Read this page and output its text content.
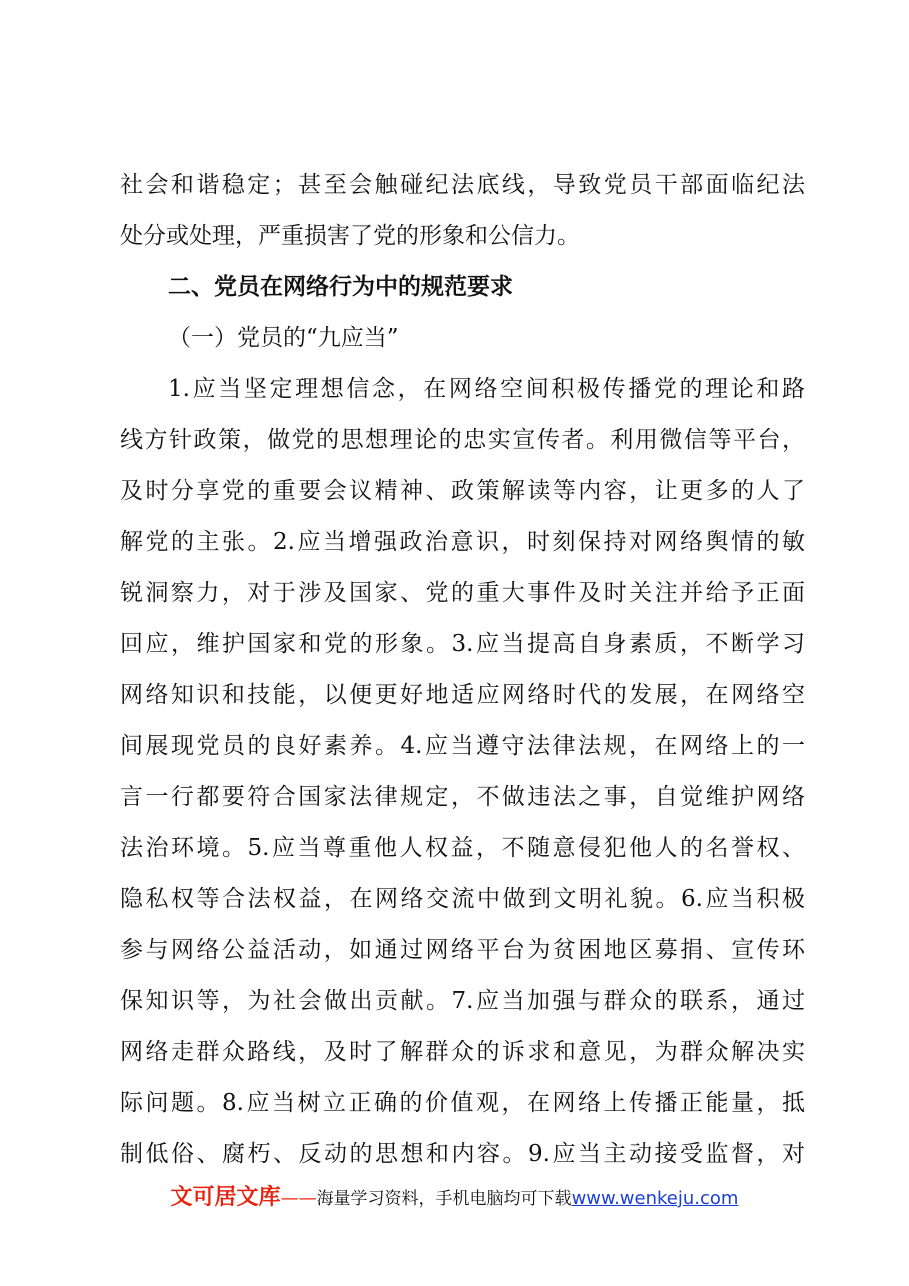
社会和谐稳定；甚至会触碰纪法底线，导致党员干部面临纪法
处分或处理，严重损害了党的形象和公信力。
二、党员在网络行为中的规范要求
（一）党员的“九应当”
1.应当坚定理想信念，在网络空间积极传播党的理论和路
线方针政策，做党的思想理论的忠实宣传者。利用微信等平台，
及时分享党的重要会议精神、政策解读等内容，让更多的人了
解党的主张。2.应当增强政治意识，时刻保持对网络舆情的敏
锐洞察力，对于涉及国家、党的重大事件及时关注并给予正面
回应，维护国家和党的形象。3.应当提高自身素质，不断学习
网络知识和技能，以便更好地适应网络时代的发展，在网络空
间展现党员的良好素养。4.应当遵守法律法规，在网络上的一
言一行都要符合国家法律规定，不做违法之事，自觉维护网络
法治环境。5.应当尊重他人权益，不随意侵犯他人的名誉权、
隐私权等合法权益，在网络交流中做到文明礼貌。6.应当积极
参与网络公益活动，如通过网络平台为贫困地区募捐、宣传环
保知识等，为社会做出贡献。7.应当加强与群众的联系，通过
网络走群众路线，及时了解群众的诉求和意见，为群众解决实
际问题。8.应当树立正确的价值观，在网络上传播正能量，抵
制低俗、腐朽、反动的思想和内容。9.应当主动接受监督，对
文可居文库——海量学习资料，手机电脑均可下载www.wenkeju.com
